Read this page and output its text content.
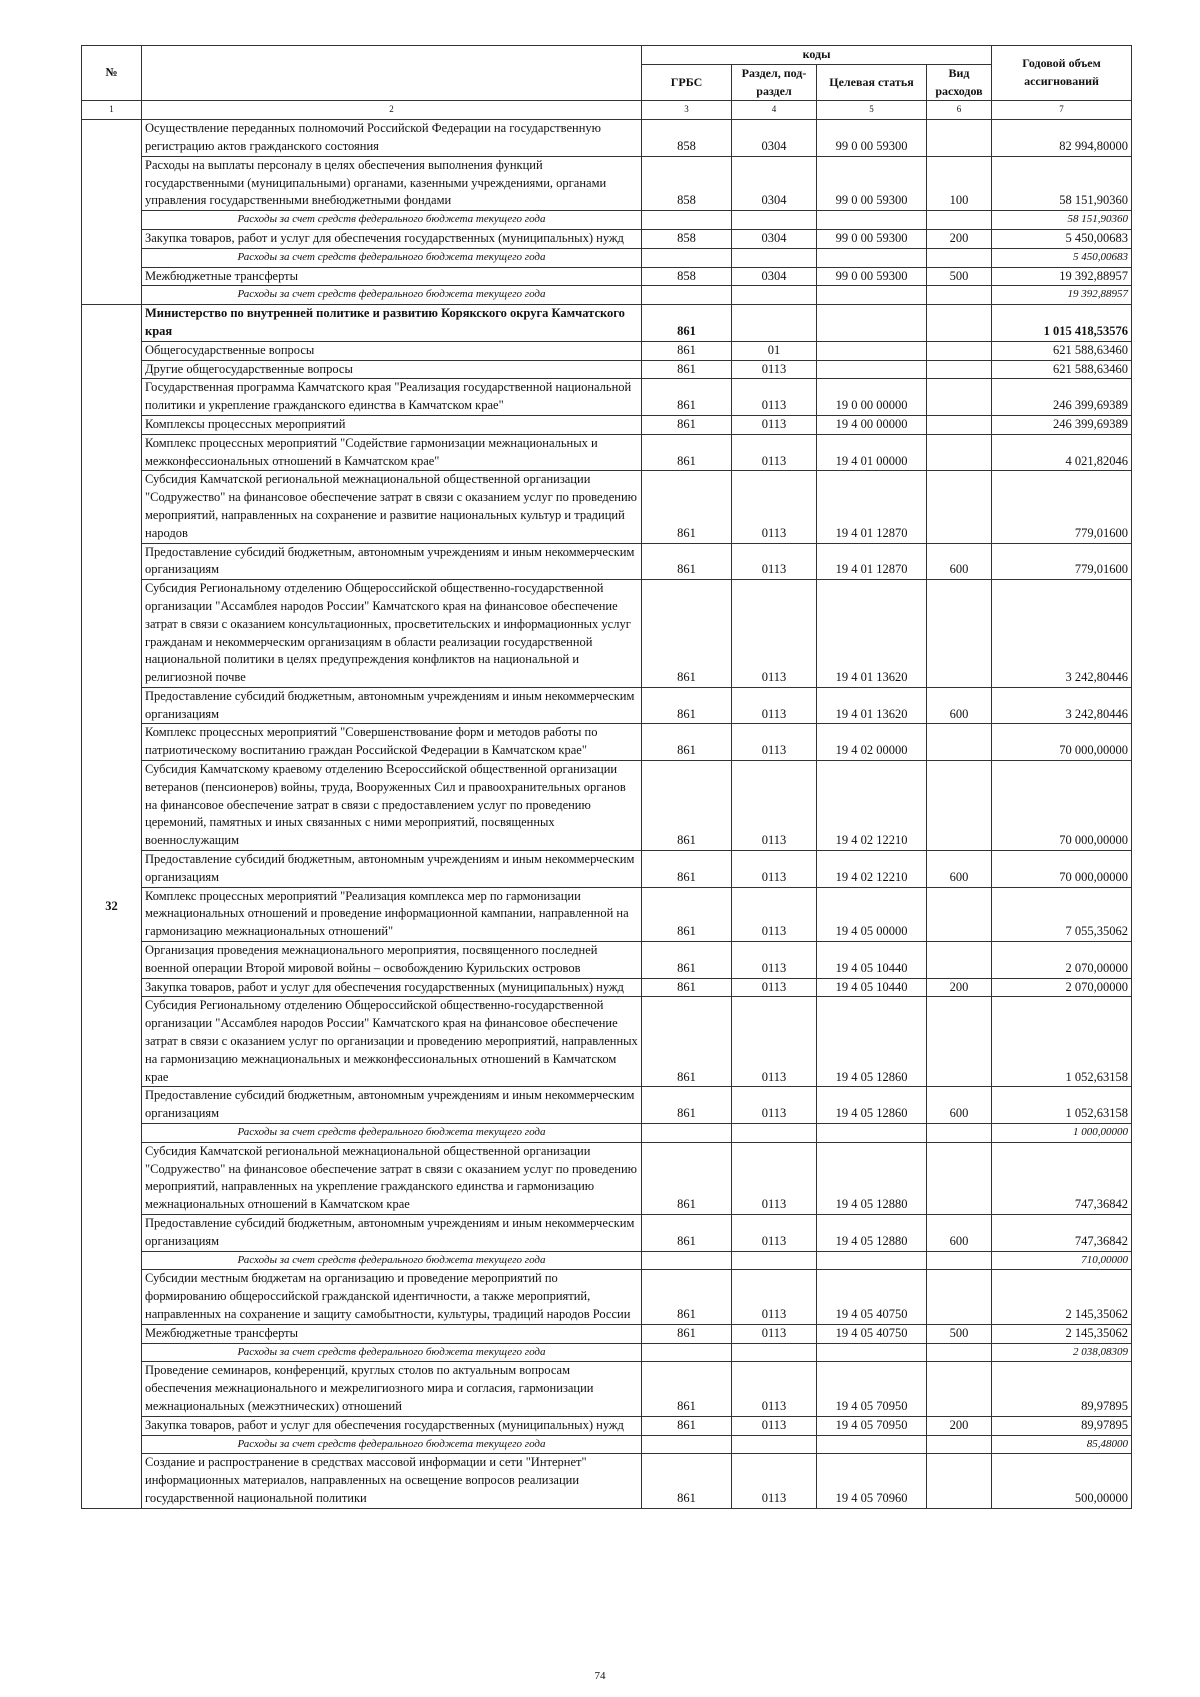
№		коды				Годовой объем ассигнований
		ГРБС	Раздел, под-раздел	Целевая статья	Вид расходов	
1	2	3	4	5	6	7
	Осуществление переданных полномочий Российской Федерации на государственную регистрацию актов гражданского состояния	858	0304	99 0 00 59300		82 994,80000
	Расходы на выплаты персоналу в целях обеспечения выполнения функций государственными (муниципальными) органами, казенными учреждениями, органами управления государственными внебюджетными фондами	858	0304	99 0 00 59300	100	58 151,90360
	Расходы за счет средств федерального бюджета текущего года					58 151,90360
	Закупка товаров, работ и услуг для обеспечения государственных (муниципальных) нужд	858	0304	99 0 00 59300	200	5 450,00683
	Расходы за счет средств федерального бюджета текущего года					5 450,00683
	Межбюджетные трансферты	858	0304	99 0 00 59300	500	19 392,88957
	Расходы за счет средств федерального бюджета текущего года					19 392,88957
32	Министерство по внутренней политике и развитию Корякского округа Камчатского края	861				1 015 418,53576
	Общегосударственные вопросы	861	01			621 588,63460
	Другие общегосударственные вопросы	861	0113			621 588,63460
	Государственная программа Камчатского края "Реализация государственной национальной политики и укрепление гражданского единства в Камчатском крае"	861	0113	19 0 00 00000		246 399,69389
	Комплексы процессных мероприятий	861	0113	19 4 00 00000		246 399,69389
	Комплекс процессных мероприятий "Содействие гармонизации межнациональных и межконфессиональных отношений в Камчатском крае"	861	0113	19 4 01 00000		4 021,82046
	Субсидия Камчатской региональной межнациональной общественной организации "Содружество" на финансовое обеспечение затрат в связи с оказанием услуг по проведению мероприятий, направленных на сохранение и развитие национальных культур и традиций народов	861	0113	19 4 01 12870		779,01600
	Предоставление субсидий бюджетным, автономным учреждениям и иным некоммерческим организациям	861	0113	19 4 01 12870	600	779,01600
	Субсидия Региональному отделению Общероссийской общественно-государственной организации "Ассамблея народов России" Камчатского края на финансовое обеспечение затрат в связи с оказанием консультационных, просветительских и информационных услуг гражданам и некоммерческим организациям в области реализации государственной национальной политики в целях предупреждения конфликтов на национальной и религиозной почве	861	0113	19 4 01 13620		3 242,80446
	Предоставление субсидий бюджетным, автономным учреждениям и иным некоммерческим организациям	861	0113	19 4 01 13620	600	3 242,80446
	Комплекс процессных мероприятий "Совершенствование форм и методов работы по патриотическому воспитанию граждан Российской Федерации в Камчатском крае"	861	0113	19 4 02 00000		70 000,00000
	Субсидия Камчатскому краевому отделению Всероссийской общественной организации ветеранов (пенсионеров) войны, труда, Вооруженных Сил и правоохранительных органов на финансовое обеспечение затрат в связи с предоставлением услуг по проведению церемоний, памятных и иных связанных с ними мероприятий, посвященных военнослужащим	861	0113	19 4 02 12210		70 000,00000
	Предоставление субсидий бюджетным, автономным учреждениям и иным некоммерческим организациям	861	0113	19 4 02 12210	600	70 000,00000
	Комплекс процессных мероприятий "Реализация комплекса мер по гармонизации межнациональных отношений и проведение информационной кампании, направленной на гармонизацию межнациональных отношений"	861	0113	19 4 05 00000		7 055,35062
	Организация проведения межнационального мероприятия, посвященного последней военной операции Второй мировой войны – освобождению Курильских островов	861	0113	19 4 05 10440		2 070,00000
	Закупка товаров, работ и услуг для обеспечения государственных (муниципальных) нужд	861	0113	19 4 05 10440	200	2 070,00000
	Субсидия Региональному отделению Общероссийской общественно-государственной организации "Ассамблея народов России" Камчатского края на финансовое обеспечение затрат в связи с оказанием услуг по организации и проведению мероприятий, направленных на гармонизацию межнациональных и межконфессиональных отношений в Камчатском крае	861	0113	19 4 05 12860		1 052,63158
	Предоставление субсидий бюджетным, автономным учреждениям и иным некоммерческим организациям	861	0113	19 4 05 12860	600	1 052,63158
	Расходы за счет средств федерального бюджета текущего года					1 000,00000
	Субсидия Камчатской региональной межнациональной общественной организации "Содружество" на финансовое обеспечение затрат в связи с оказанием услуг по проведению мероприятий, направленных на укрепление гражданского единства и гармонизацию межнациональных отношений в Камчатском крае	861	0113	19 4 05 12880		747,36842
	Предоставление субсидий бюджетным, автономным учреждениям и иным некоммерческим организациям	861	0113	19 4 05 12880	600	747,36842
	Расходы за счет средств федерального бюджета текущего года					710,00000
	Субсидии местным бюджетам на организацию и проведение мероприятий по формированию общероссийской гражданской идентичности, а также мероприятий, направленных на сохранение и защиту самобытности, культуры, традиций народов России	861	0113	19 4 05 40750		2 145,35062
	Межбюджетные трансферты	861	0113	19 4 05 40750	500	2 145,35062
	Расходы за счет средств федерального бюджета текущего года					2 038,08309
	Проведение семинаров, конференций, круглых столов по актуальным вопросам обеспечения межнационального и межрелигиозного мира и согласия, гармонизации межнациональных (межэтнических) отношений	861	0113	19 4 05 70950		89,97895
	Закупка товаров, работ и услуг для обеспечения государственных (муниципальных) нужд	861	0113	19 4 05 70950	200	89,97895
	Расходы за счет средств федерального бюджета текущего года					85,48000
	Создание и распространение в средствах массовой информации и сети "Интернет" информационных материалов, направленных на освещение вопросов реализации государственной национальной политики	861	0113	19 4 05 70960		500,00000
74
